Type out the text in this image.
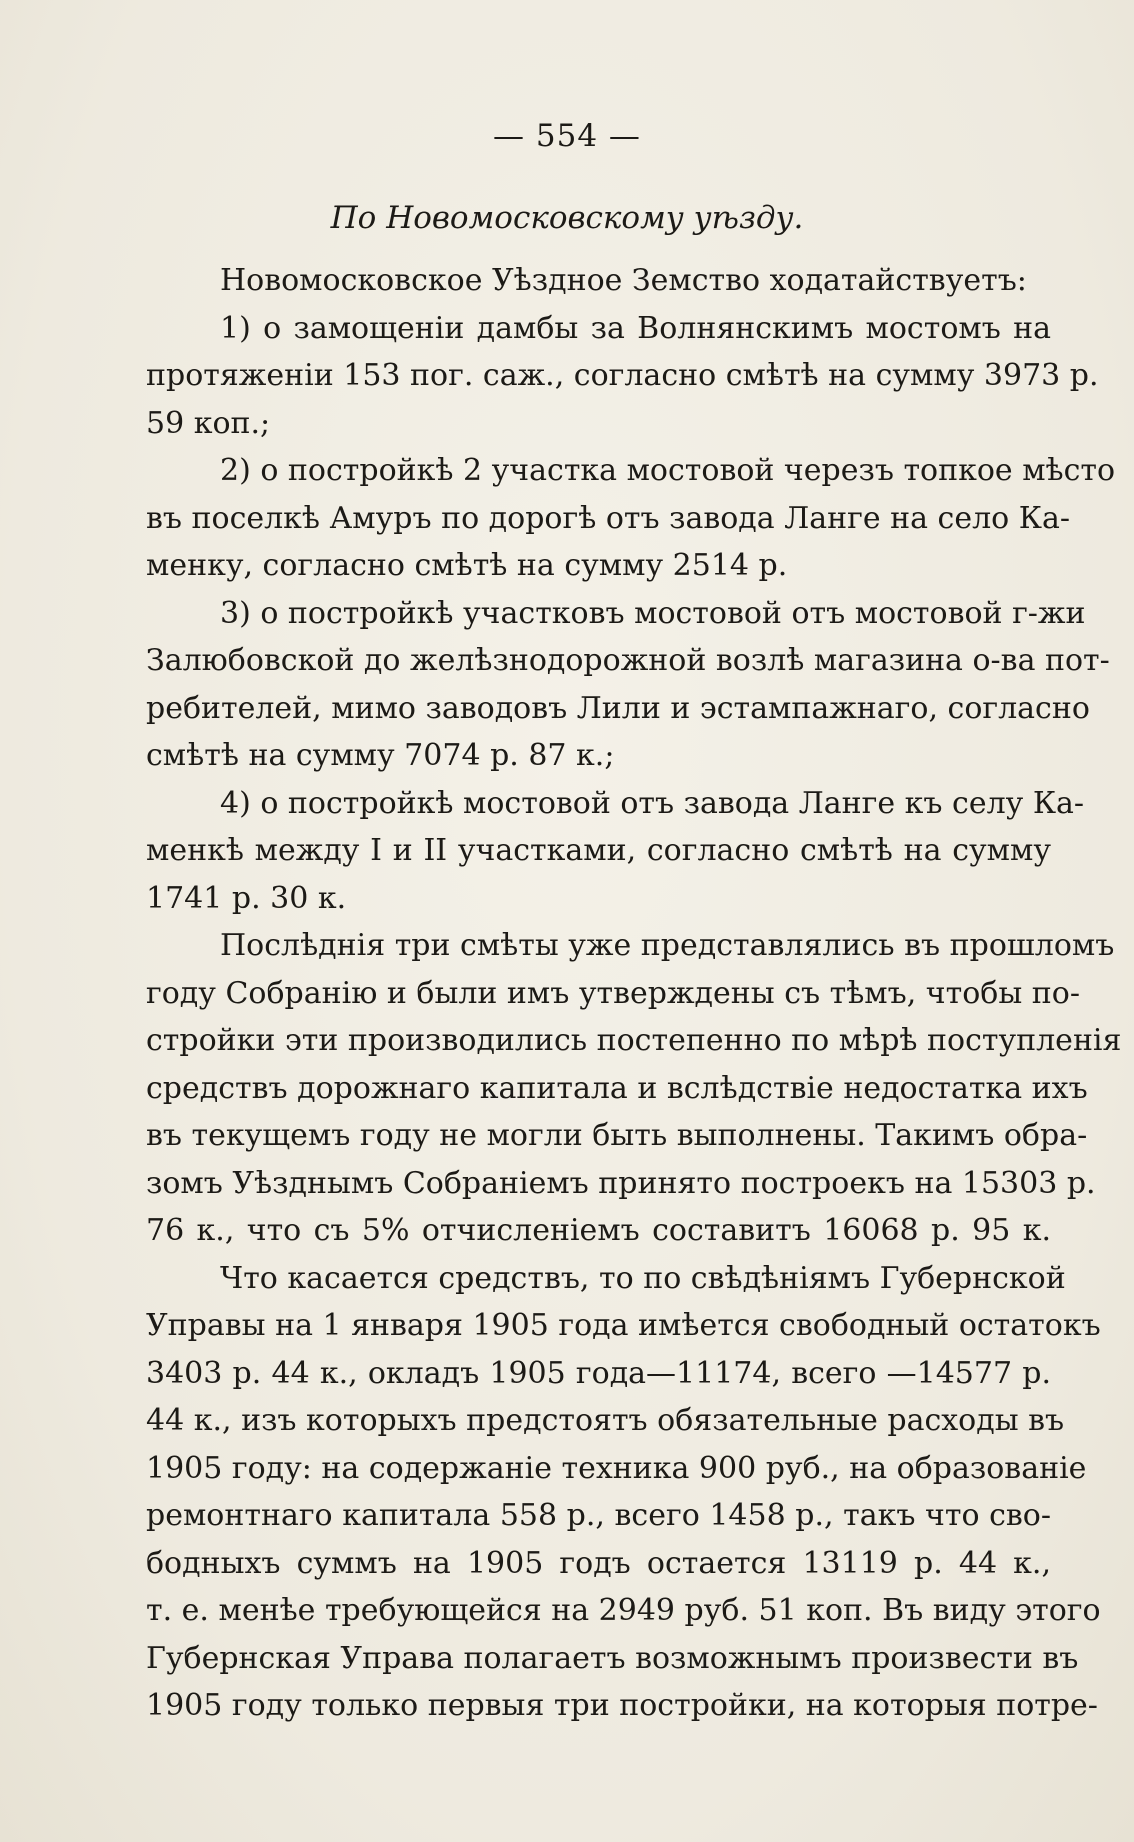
— 554 —
По Новомосковскому уѣзду.
Новомосковское Уѣздное Земство ходатайствуетъ:
1) о замощеніи дамбы за Волнянскимъ мостомъ на
протяженіи 153 пог. саж., согласно смѣтѣ на сумму 3973 р.
59 коп.;
2) о постройкѣ 2 участка мостовой черезъ топкое мѣсто
въ поселкѣ Амуръ по дорогѣ отъ завода Ланге на село Ка-
менку, согласно смѣтѣ на сумму 2514 р.
3) о постройкѣ участковъ мостовой отъ мостовой г-жи
Залюбовской до желѣзнодорожной возлѣ магазина о-ва пот-
ребителей, мимо заводовъ Лили и эстампажнаго, согласно
смѣтѣ на сумму 7074 р. 87 к.;
4) о постройкѣ мостовой отъ завода Ланге къ селу Ка-
менкѣ между I и II участками, согласно смѣтѣ на сумму
1741 р. 30 к.
Послѣднія три смѣты уже представлялись въ прошломъ
году Собранію и были имъ утверждены съ тѣмъ, чтобы по-
стройки эти производились постепенно по мѣрѣ поступленія
средствъ дорожнаго капитала и вслѣдствіе недостатка ихъ
въ текущемъ году не могли быть выполнены. Такимъ обра-
зомъ Уѣзднымъ Собраніемъ принято построекъ на 15303 р.
76 к., что съ 5% отчисленіемъ составитъ 16068 р. 95 к.
Что касается средствъ, то по свѣдѣніямъ Губернской
Управы на 1 января 1905 года имѣется свободный остатокъ
3403 р. 44 к., окладъ 1905 года—11174, всего —14577 р.
44 к., изъ которыхъ предстоятъ обязательные расходы въ
1905 году: на содержаніе техника 900 руб., на образованіе
ремонтнаго капитала 558 р., всего 1458 р., такъ что сво-
бодныхъ суммъ на 1905 годъ остается 13119 р. 44 к.,
т. е. менѣе требующейся на 2949 руб. 51 коп. Въ виду этого
Губернская Управа полагаетъ возможнымъ произвести въ
1905 году только первыя три постройки, на которыя потре-
